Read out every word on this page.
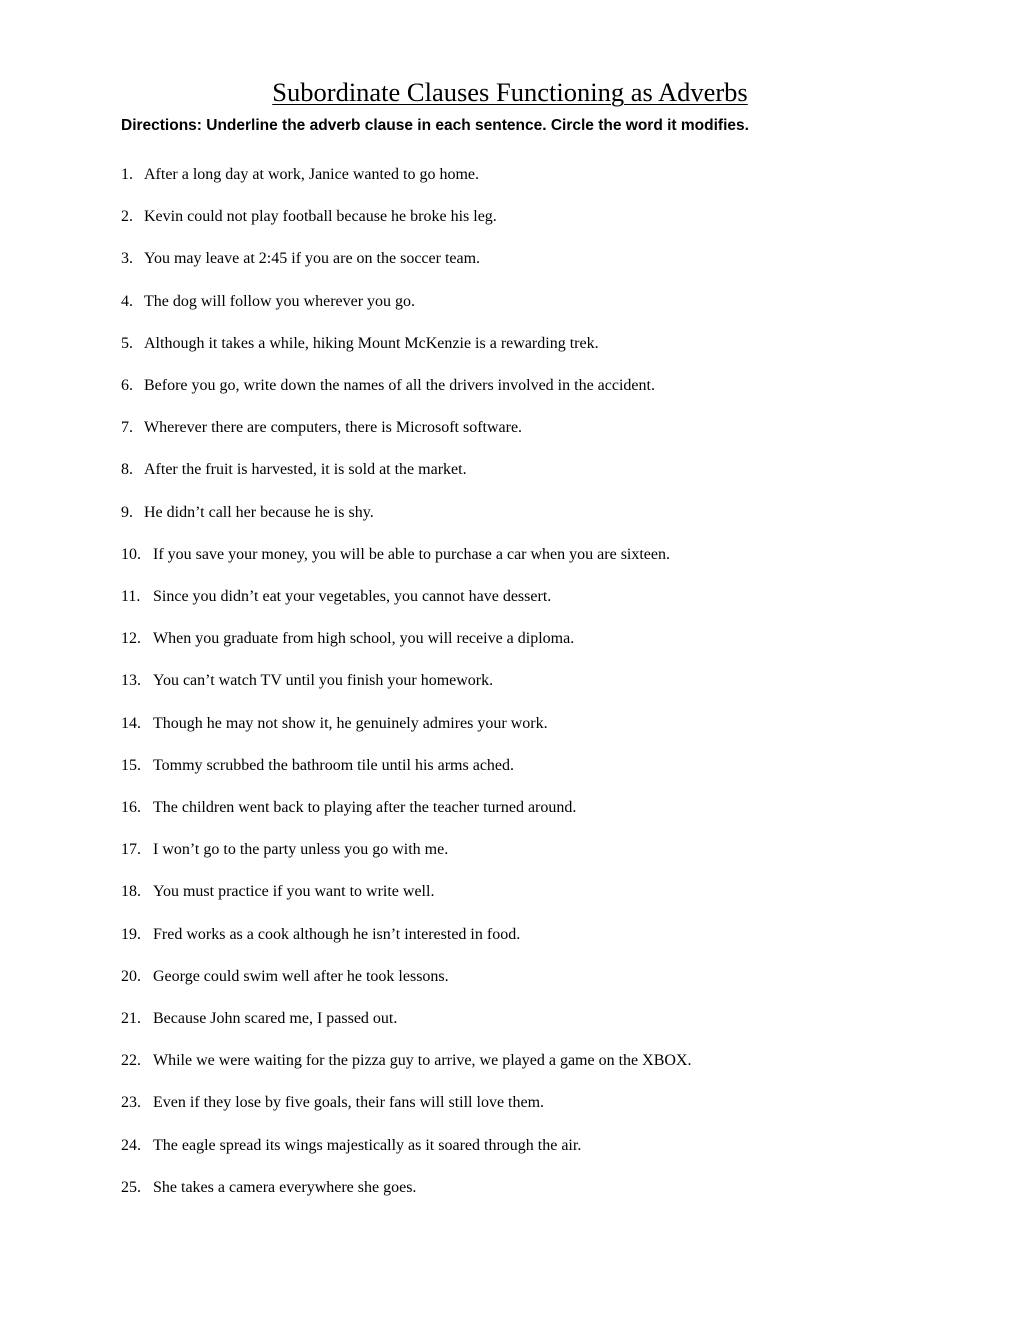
Subordinate Clauses Functioning as Adverbs

Directions: Underline the adverb clause in each sentence. Circle the word it modifies.

1. After a long day at work, Janice wanted to go home.
2. Kevin could not play football because he broke his leg.
3. You may leave at 2:45 if you are on the soccer team.
4. The dog will follow you wherever you go.
5. Although it takes a while, hiking Mount McKenzie is a rewarding trek.
6. Before you go, write down the names of all the drivers involved in the accident.
7. Wherever there are computers, there is Microsoft software.
8. After the fruit is harvested, it is sold at the market.
9. He didn’t call her because he is shy.
10. If you save your money, you will be able to purchase a car when you are sixteen.
11. Since you didn’t eat your vegetables, you cannot have dessert.
12. When you graduate from high school, you will receive a diploma.
13. You can’t watch TV until you finish your homework.
14. Though he may not show it, he genuinely admires your work.
15. Tommy scrubbed the bathroom tile until his arms ached.
16. The children went back to playing after the teacher turned around.
17. I won’t go to the party unless you go with me.
18. You must practice if you want to write well.
19. Fred works as a cook although he isn’t interested in food.
20. George could swim well after he took lessons.
21. Because John scared me, I passed out.
22. While we were waiting for the pizza guy to arrive, we played a game on the XBOX.
23. Even if they lose by five goals, their fans will still love them.
24. The eagle spread its wings majestically as it soared through the air.
25. She takes a camera everywhere she goes.
